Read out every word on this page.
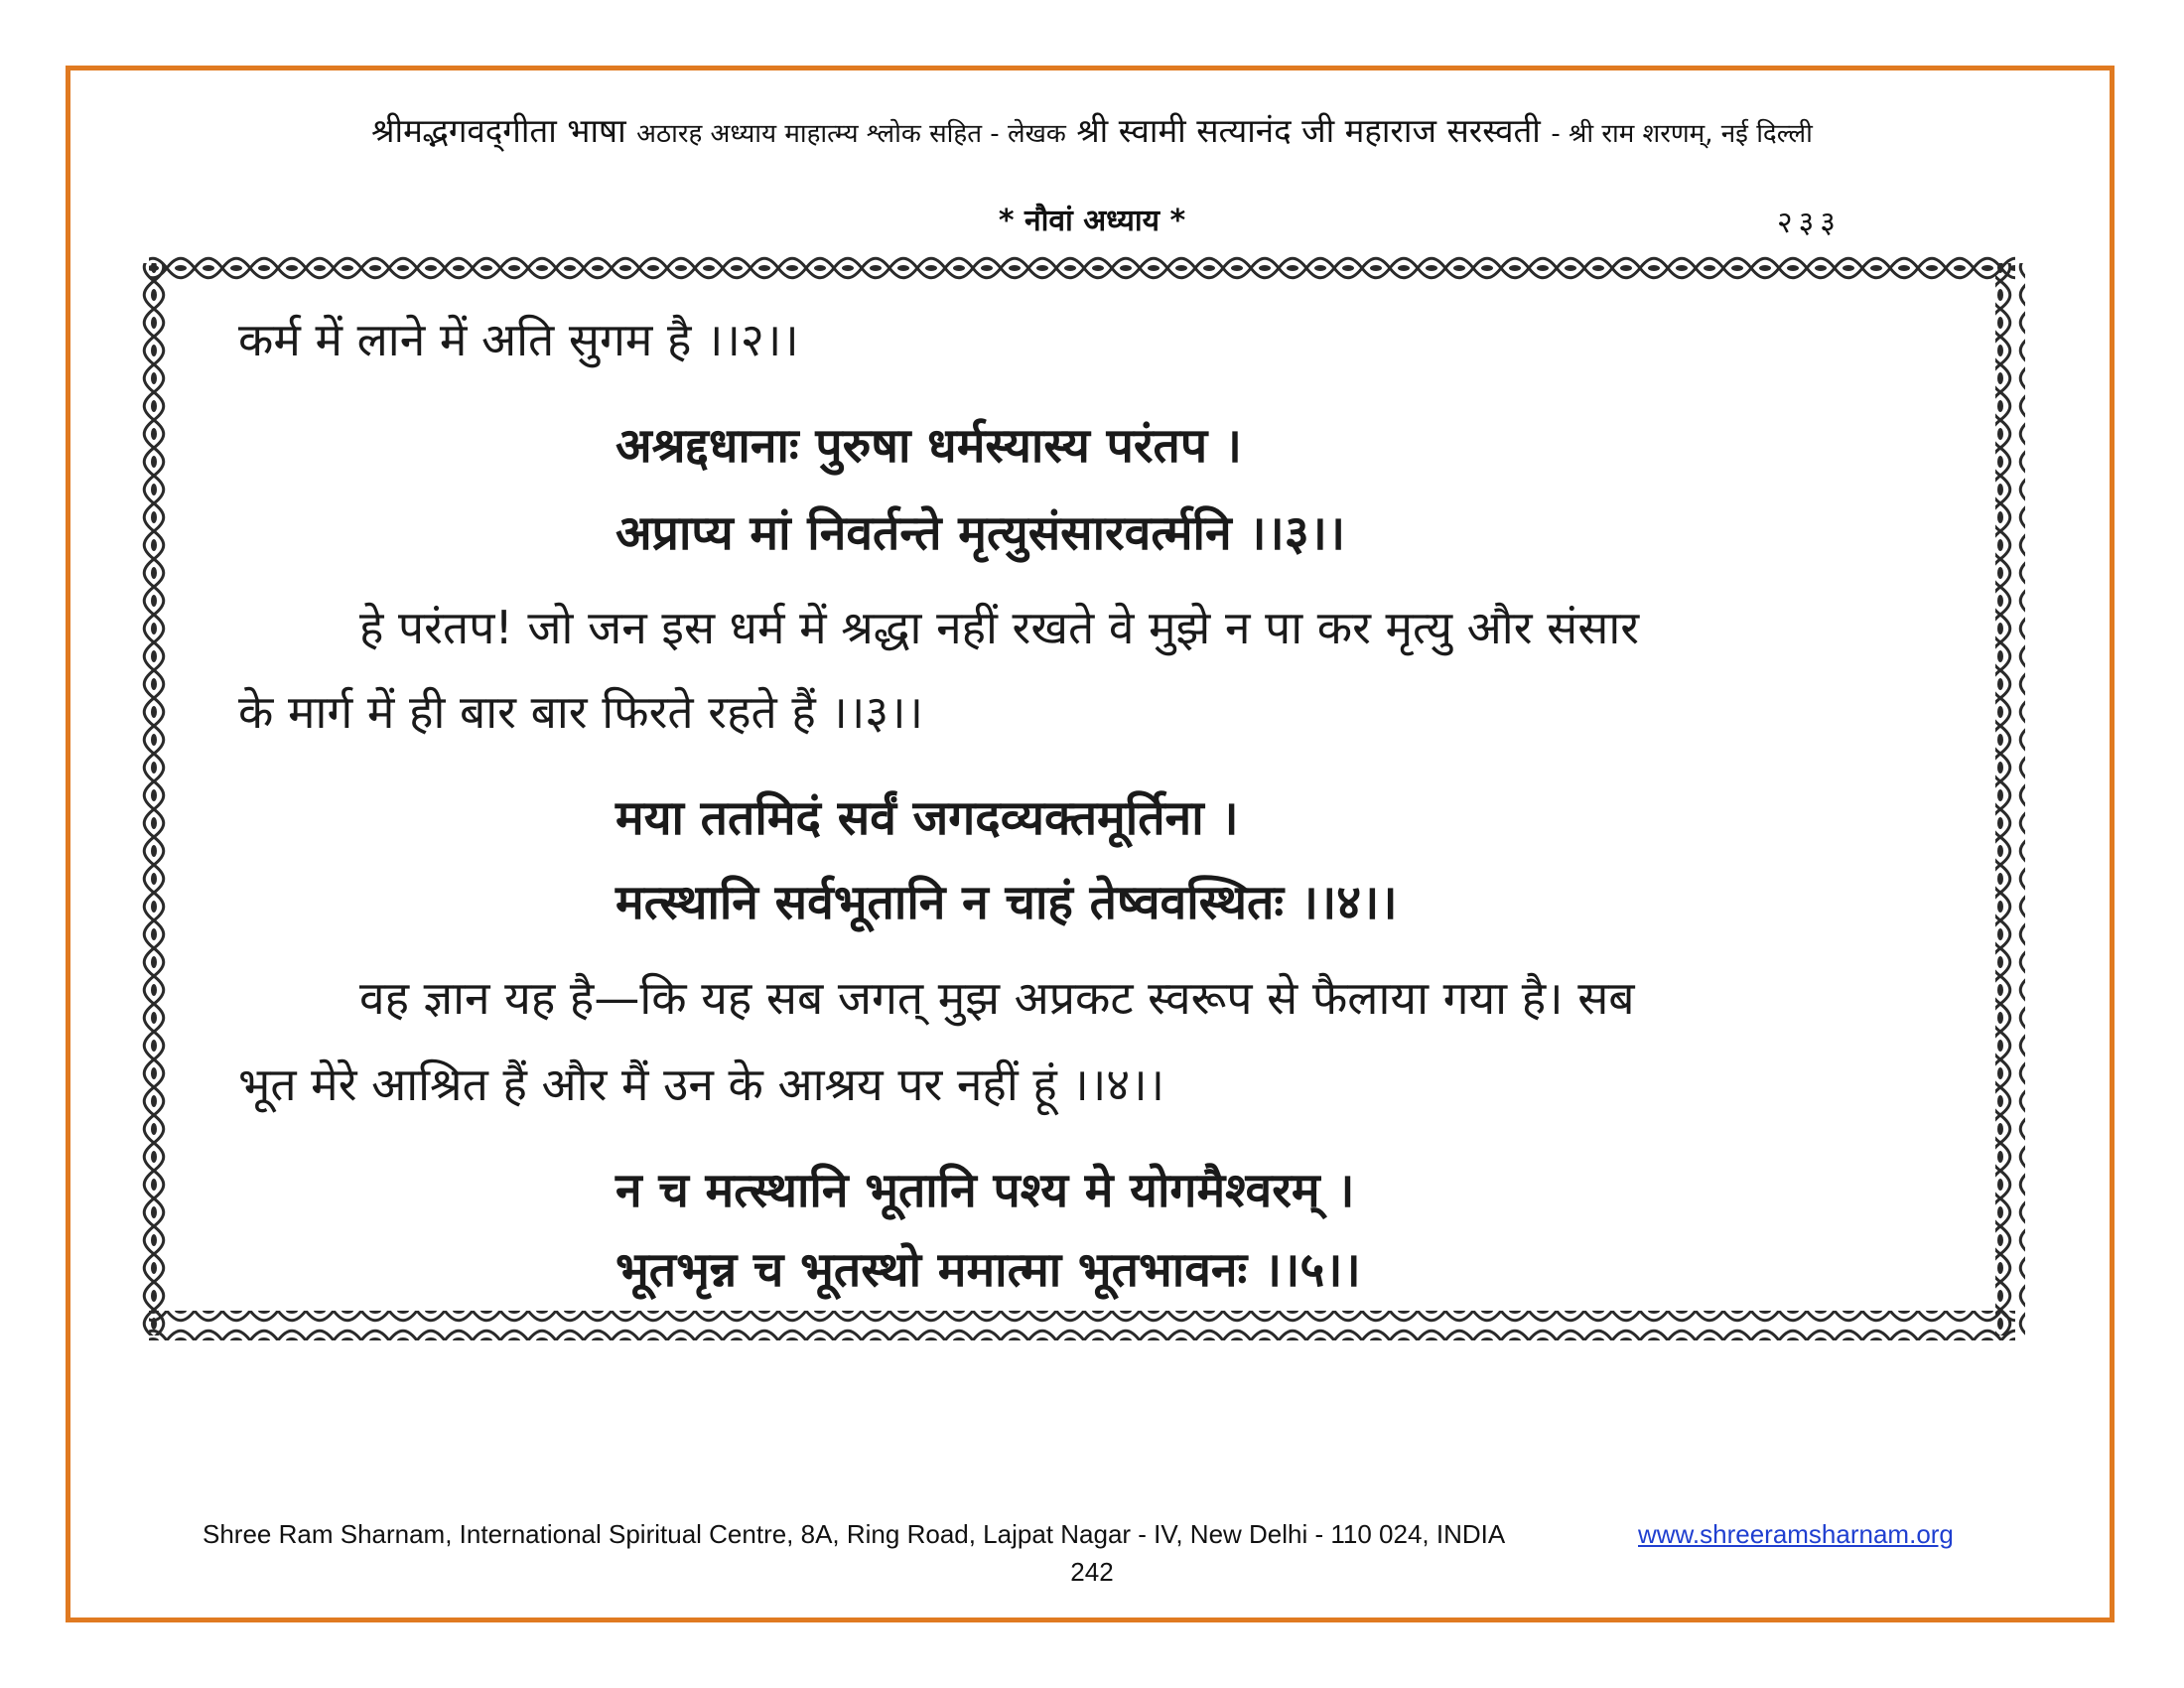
श्रीमद्भगवद्‌गीता भाषा अठारह अध्याय माहात्म्य श्लोक सहित - लेखक श्री स्वामी सत्यानंद जी महाराज सरस्वती - श्री राम शरणम्, नई दिल्ली
* नौवां अध्याय *	२३३
कर्म में लाने में अति सुगम है ।।२।।
अश्रद्दधानाः पुरुषा धर्मस्यास्य परंतप ।
अप्राप्य मां निवर्तन्ते मृत्युसंसारवर्त्मनि ।।३।।
हे परंतप! जो जन इस धर्म में श्रद्धा नहीं रखते वे मुझे न पा कर मृत्यु और संसार
के मार्ग में ही बार बार फिरते रहते हैं ।।३।।
मया ततमिदं सर्वं जगदव्यक्तमूर्तिना ।
मत्स्थानि सर्वभूतानि न चाहं तेष्ववस्थितः ।।४।।
वह ज्ञान यह है—कि यह सब जगत् मुझ अप्रकट स्वरूप से फैलाया गया है। सब
भूत मेरे आश्रित हैं और मैं उन के आश्रय पर नहीं हूं ।।४।।
न च मत्स्थानि भूतानि पश्य मे योगमैश्वरम् ।
भूतभृन्न च भूतस्थो ममात्मा भूतभावनः ।।५।।
Shree Ram Sharnam, International Spiritual Centre, 8A, Ring Road, Lajpat Nagar - IV, New Delhi - 110 024, INDIA	www.shreeramsharnam.org
242
